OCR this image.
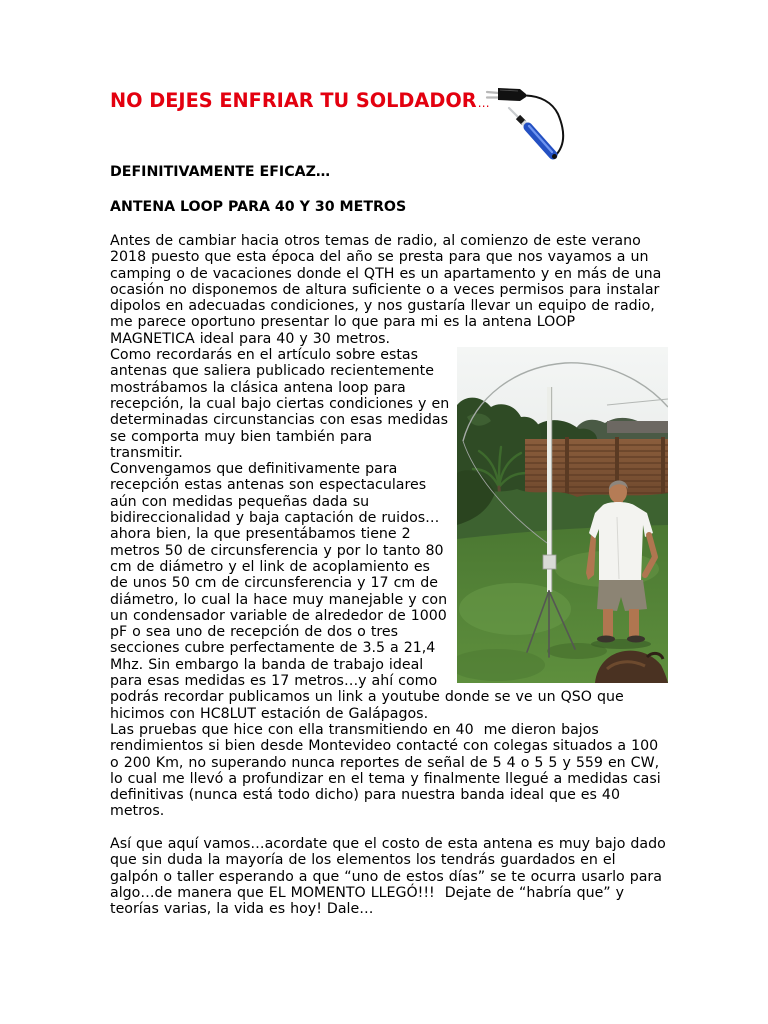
NO DEJES ENFRIAR TU SOLDADOR…
DEFINITIVAMENTE EFICAZ…
ANTENA LOOP PARA 40 Y 30 METROS
Antes de cambiar hacia otros temas de radio, al comienzo de este verano
2018 puesto que esta época del año se presta para que nos vayamos a un
camping o de vacaciones donde el QTH es un apartamento y en más de una
ocasión no disponemos de altura suficiente o a veces permisos para instalar
dipolos en adecuadas condiciones, y nos gustaría llevar un equipo de radio,
me parece oportuno presentar lo que para mi es la antena LOOP
MAGNETICA ideal para 40 y 30 metros.
Como recordarás en el artículo sobre estas
antenas que saliera publicado recientemente
mostrábamos la clásica antena loop para
recepción, la cual bajo ciertas condiciones y en
determinadas circunstancias con esas medidas
se comporta muy bien también para
transmitir.
Convengamos que definitivamente para
recepción estas antenas son espectaculares
aún con medidas pequeñas dada su
bidireccionalidad y baja captación de ruidos…
ahora bien, la que presentábamos tiene 2
metros 50 de circunsferencia y por lo tanto 80
cm de diámetro y el link de acoplamiento es
de unos 50 cm de circunsferencia y 17 cm de
diámetro, lo cual la hace muy manejable y con
un condensador variable de alrededor de 1000
pF o sea uno de recepción de dos o tres
secciones cubre perfectamente de 3.5 a 21,4
Mhz. Sin embargo la banda de trabajo ideal
para esas medidas es 17 metros…y ahí como
podrás recordar publicamos un link a youtube donde se ve un QSO que
hicimos con HC8LUT estación de Galápagos.
Las pruebas que hice con ella transmitiendo en 40  me dieron bajos
rendimientos si bien desde Montevideo contacté con colegas situados a 100
o 200 Km, no superando nunca reportes de señal de 5 4 o 5 5 y 559 en CW,
lo cual me llevó a profundizar en el tema y finalmente llegué a medidas casi
definitivas (nunca está todo dicho) para nuestra banda ideal que es 40
metros.
Así que aquí vamos…acordate que el costo de esta antena es muy bajo dado
que sin duda la mayoría de los elementos los tendrás guardados en el
galpón o taller esperando a que “uno de estos días” se te ocurra usarlo para
algo…de manera que EL MOMENTO LLEGÓ!!!  Dejate de “habría que” y
teorías varias, la vida es hoy! Dale…
